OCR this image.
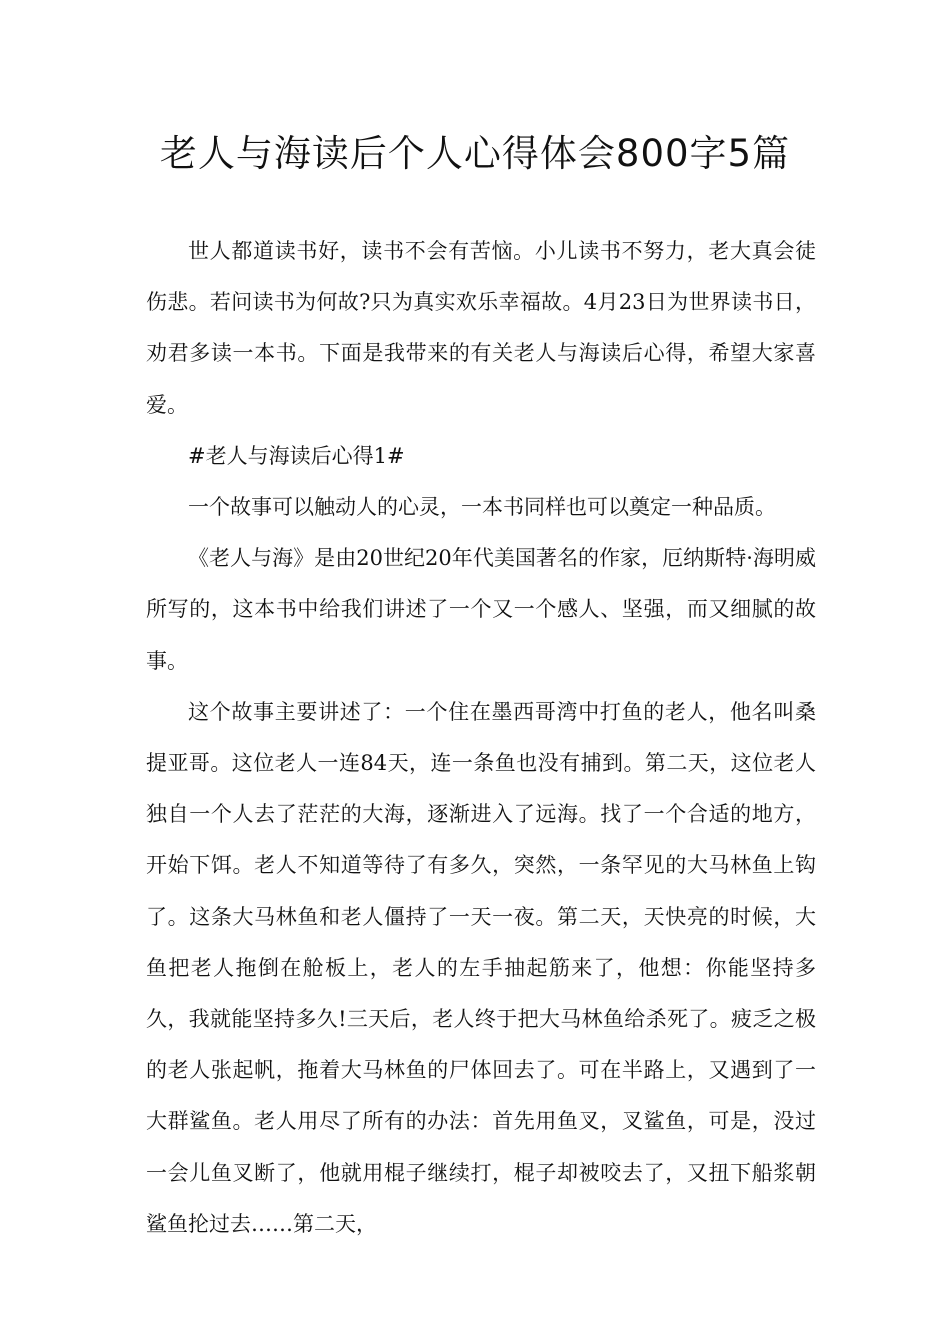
老人与海读后个人心得体会800字5篇

世人都道读书好，读书不会有苦恼。小儿读书不努力，老大真会徒伤悲。若问读书为何故?只为真实欢乐幸福故。4月23日为世界读书日，劝君多读一本书。下面是我带来的有关老人与海读后心得，希望大家喜爱。

#老人与海读后心得1#

一个故事可以触动人的心灵，一本书同样也可以奠定一种品质。

《老人与海》是由20世纪20年代美国著名的作家，厄纳斯特·海明威所写的，这本书中给我们讲述了一个又一个感人、坚强，而又细腻的故事。

这个故事主要讲述了：一个住在墨西哥湾中打鱼的老人，他名叫桑提亚哥。这位老人一连84天，连一条鱼也没有捕到。第二天，这位老人独自一个人去了茫茫的大海，逐渐进入了远海。找了一个合适的地方，开始下饵。老人不知道等待了有多久，突然，一条罕见的大马林鱼上钩了。这条大马林鱼和老人僵持了一天一夜。第二天，天快亮的时候，大鱼把老人拖倒在舱板上，老人的左手抽起筋来了，他想：你能坚持多久，我就能坚持多久!三天后，老人终于把大马林鱼给杀死了。疲乏之极的老人张起帆，拖着大马林鱼的尸体回去了。可在半路上，又遇到了一大群鲨鱼。老人用尽了所有的办法：首先用鱼叉，叉鲨鱼，可是，没过一会儿鱼叉断了，他就用棍子继续打，棍子却被咬去了，又扭下船浆朝鲨鱼抡过去……第二天，
